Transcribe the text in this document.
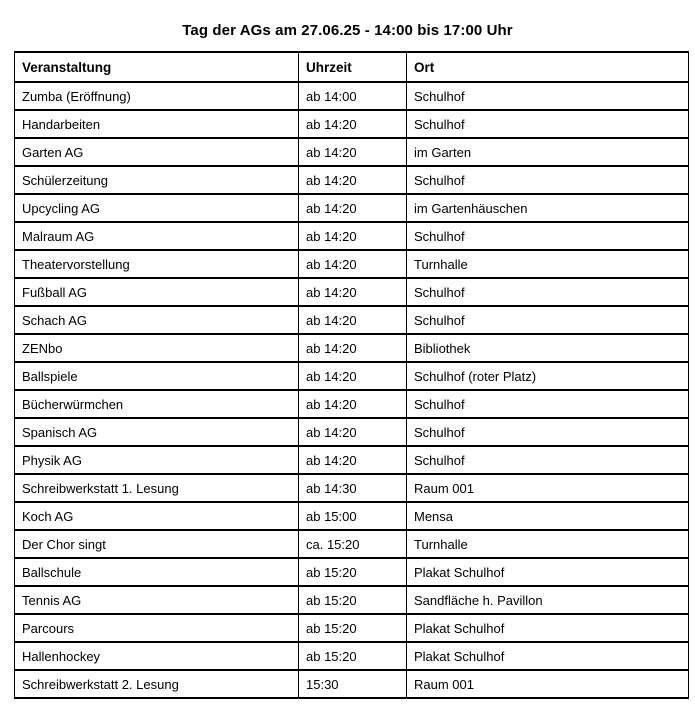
Tag der AGs am 27.06.25 - 14:00 bis 17:00 Uhr
Veranstaltung	Uhrzeit	Ort
Zumba (Eröffnung)	ab 14:00	Schulhof
Handarbeiten	ab 14:20	Schulhof
Garten AG	ab 14:20	im Garten
Schülerzeitung	ab 14:20	Schulhof
Upcycling AG	ab 14:20	im Gartenhäuschen
Malraum AG	ab 14:20	Schulhof
Theatervorstellung	ab 14:20	Turnhalle
Fußball AG	ab 14:20	Schulhof
Schach AG	ab 14:20	Schulhof
ZENbo	ab 14:20	Bibliothek
Ballspiele	ab 14:20	Schulhof (roter Platz)
Bücherwürmchen	ab 14:20	Schulhof
Spanisch AG	ab 14:20	Schulhof
Physik AG	ab 14:20	Schulhof
Schreibwerkstatt 1. Lesung	ab 14:30	Raum 001
Koch AG	ab 15:00	Mensa
Der Chor singt	ca. 15:20	Turnhalle
Ballschule	ab 15:20	Plakat Schulhof
Tennis AG	ab 15:20	Sandfläche h. Pavillon
Parcours	ab 15:20	Plakat Schulhof
Hallenhockey	ab 15:20	Plakat Schulhof
Schreibwerkstatt 2. Lesung	15:30	Raum 001
